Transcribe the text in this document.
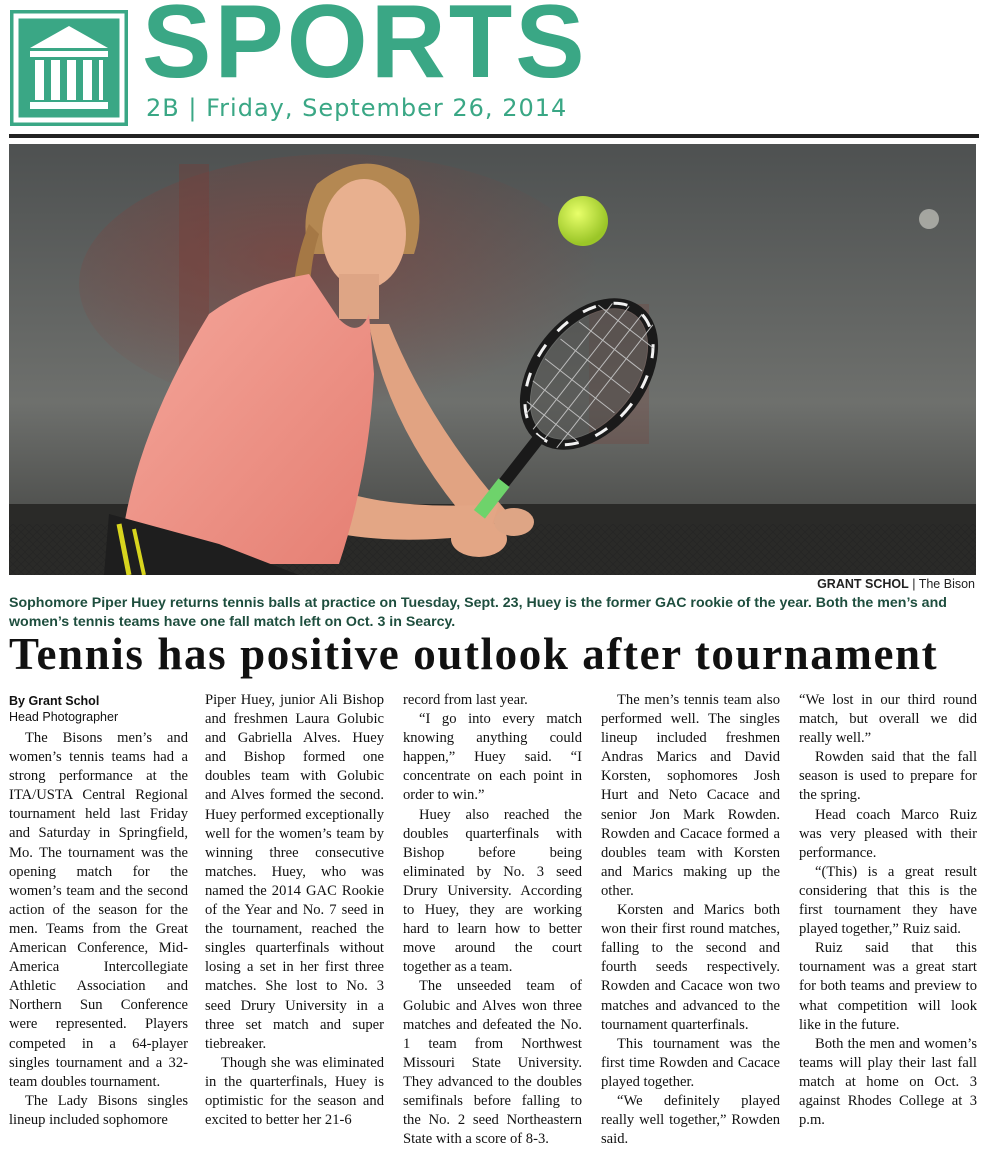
SPORTS
2B | Friday, September 26, 2014
GRANT SCHOL | The Bison
Sophomore Piper Huey returns tennis balls at practice on Tuesday, Sept. 23, Huey is the former GAC rookie of the year. Both the men’s and women’s tennis teams have one fall match left on Oct. 3 in Searcy.
Tennis has positive outlook after tournament
By Grant Schol
Head Photographer

The Bisons men’s and women’s tennis teams had a strong performance at the ITA/USTA Central Regional tournament held last Friday and Saturday in Springfield, Mo. The tournament was the opening match for the women’s team and the second action of the season for the men. Teams from the Great American Conference, Mid-America Intercollegiate Athletic Association and Northern Sun Conference were represented. Players competed in a 64-player singles tournament and a 32-team doubles tournament.

The Lady Bisons singles lineup included sophomore

Piper Huey, junior Ali Bishop and freshmen Laura Golubic and Gabriella Alves. Huey and Bishop formed one doubles team with Golubic and Alves formed the second. Huey performed exceptionally well for the women’s team by winning three consecutive matches. Huey, who was named the 2014 GAC Rookie of the Year and No. 7 seed in the tournament, reached the singles quarterfinals without losing a set in her first three matches. She lost to No. 3 seed Drury University in a three set match and super tiebreaker.

Though she was eliminated in the quarterfinals, Huey is optimistic for the season and excited to better her 21-6

record from last year.

“I go into every match knowing anything could happen,” Huey said. “I concentrate on each point in order to win.”

Huey also reached the doubles quarterfinals with Bishop before being eliminated by No. 3 seed Drury University. According to Huey, they are working hard to learn how to better move around the court together as a team.

The unseeded team of Golubic and Alves won three matches and defeated the No. 1 team from Northwest Missouri State University. They advanced to the doubles semifinals before falling to the No. 2 seed Northeastern State with a score of 8-3.

The men’s tennis team also performed well. The singles lineup included freshmen Andras Marics and David Korsten, sophomores Josh Hurt and Neto Cacace and senior Jon Mark Rowden. Rowden and Cacace formed a doubles team with Korsten and Marics making up the other.

Korsten and Marics both won their first round matches, falling to the second and fourth seeds respectively. Rowden and Cacace won two matches and advanced to the tournament quarterfinals.

This tournament was the first time Rowden and Cacace played together.

“We definitely played really well together,” Rowden said.

“We lost in our third round match, but overall we did really well.”

Rowden said that the fall season is used to prepare for the spring.

Head coach Marco Ruiz was very pleased with their performance.

“(This) is a great result considering that this is the first tournament they have played together,” Ruiz said.

Ruiz said that this tournament was a great start for both teams and preview to what competition will look like in the future.

Both the men and women’s teams will play their last fall match at home on Oct. 3 against Rhodes College at 3 p.m.
